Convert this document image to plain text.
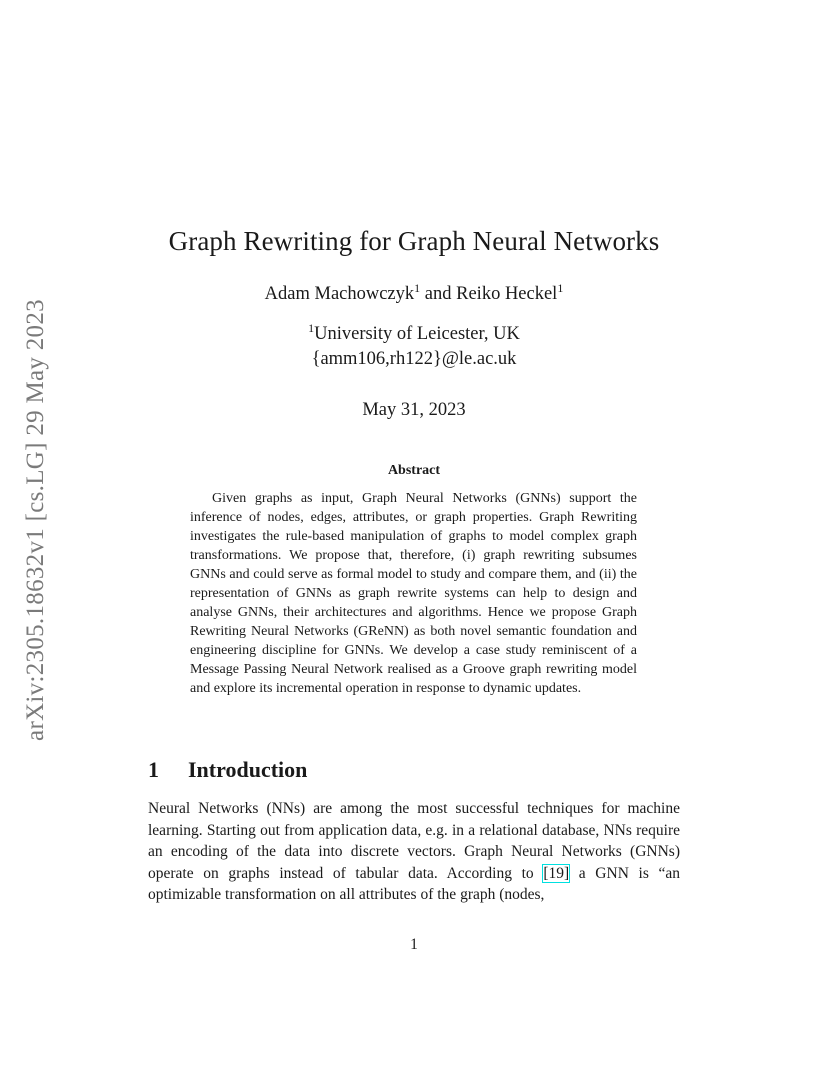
arXiv:2305.18632v1 [cs.LG] 29 May 2023
Graph Rewriting for Graph Neural Networks
Adam Machowczyk$^1$ and Reiko Heckel$^1$
$^1$University of Leicester, UK
{amm106,rh122}@le.ac.uk
May 31, 2023
Abstract
Given graphs as input, Graph Neural Networks (GNNs) support the inference of nodes, edges, attributes, or graph properties. Graph Rewriting investigates the rule-based manipulation of graphs to model complex graph transformations. We propose that, therefore, (i) graph rewriting subsumes GNNs and could serve as formal model to study and compare them, and (ii) the representation of GNNs as graph rewrite systems can help to design and analyse GNNs, their architectures and algorithms. Hence we propose Graph Rewriting Neural Networks (GReNN) as both novel semantic foundation and engineering discipline for GNNs. We develop a case study reminiscent of a Message Passing Neural Network realised as a Groove graph rewriting model and explore its incremental operation in response to dynamic updates.
1 Introduction
Neural Networks (NNs) are among the most successful techniques for machine learning. Starting out from application data, e.g. in a relational database, NNs require an encoding of the data into discrete vectors. Graph Neural Networks (GNNs) operate on graphs instead of tabular data. According to [19] a GNN is “an optimizable transformation on all attributes of the graph (nodes,
1
